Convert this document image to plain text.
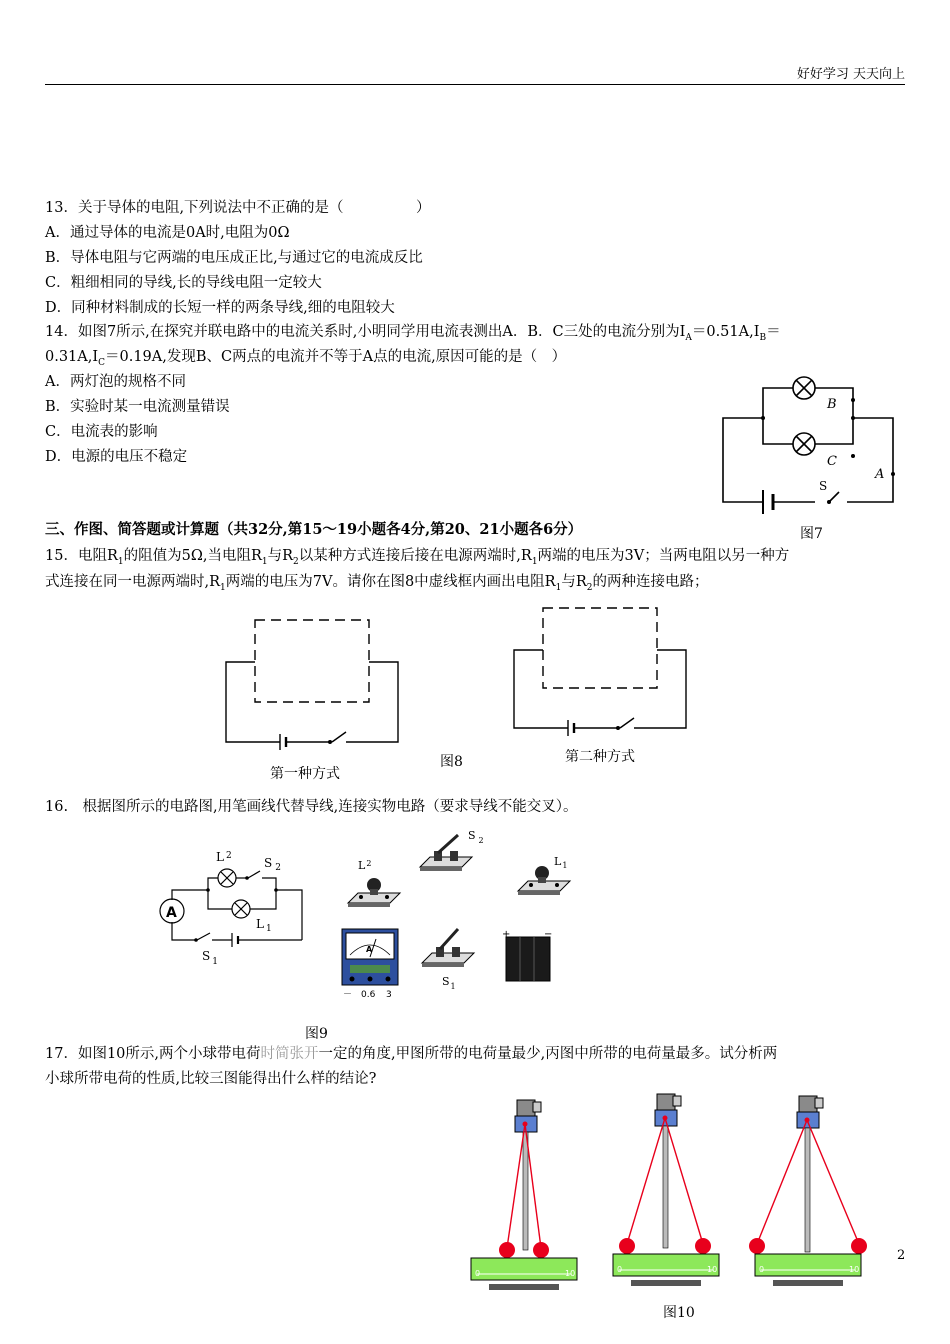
好好学习 天天向上
13．关于导体的电阻,下列说法中不正确的是（　　　　　）
A．通过导体的电流是0A时,电阻为0Ω
B．导体电阻与它两端的电压成正比,与通过它的电流成反比
C．粗细相同的导线,长的导线电阻一定较大
D．同种材料制成的长短一样的两条导线,细的电阻较大
14．如图7所示,在探究并联电路中的电流关系时,小明同学用电流表测出A．B．C三处的电流分别为$I_A=0.51A,I_B=$
$0.31A,I_C=0.19A$,发现B、C两点的电流并不等于A点的电流,原因可能的是（　）
A．两灯泡的规格不同
B．实验时某一电流测量错误
C．电流表的影响
D．电源的电压不稳定
B
C
A
S
图7
三、作图、简答题或计算题（共32分,第15～19小题各4分,第20、21小题各6分）
15．电阻$R_1$的阻值为5Ω,当电阻$R_1$与$R_2$以某种方式连接后接在电源两端时$,R_1$两端的电压为3V；当两电阻以另一种方
式连接在同一电源两端时$,R_1$两端的电压为7V。请你在图8中虚线框内画出电阻$R_1$与$R_2$的两种连接电路；
第一种方式
图8	第二种方式
16.　根据图所示的电路图,用笔画线代替导线,连接实物电路（要求导线不能交叉）。
A
L $^2$	S $_2$
L $_1$
S $_1$
$L^2$
S $_2$
$L_1$
A
－ 0.6 3
$S_1$
+	−
图9
17．如图10所示,两个小球带电荷时简张开一定的角度,甲图所带的电荷量最少,丙图中所带的电荷量最多。试分析两
小球所带电荷的性质,比较三图能得出什么样的结论?
0	10	0	10	0	10
图10
2
